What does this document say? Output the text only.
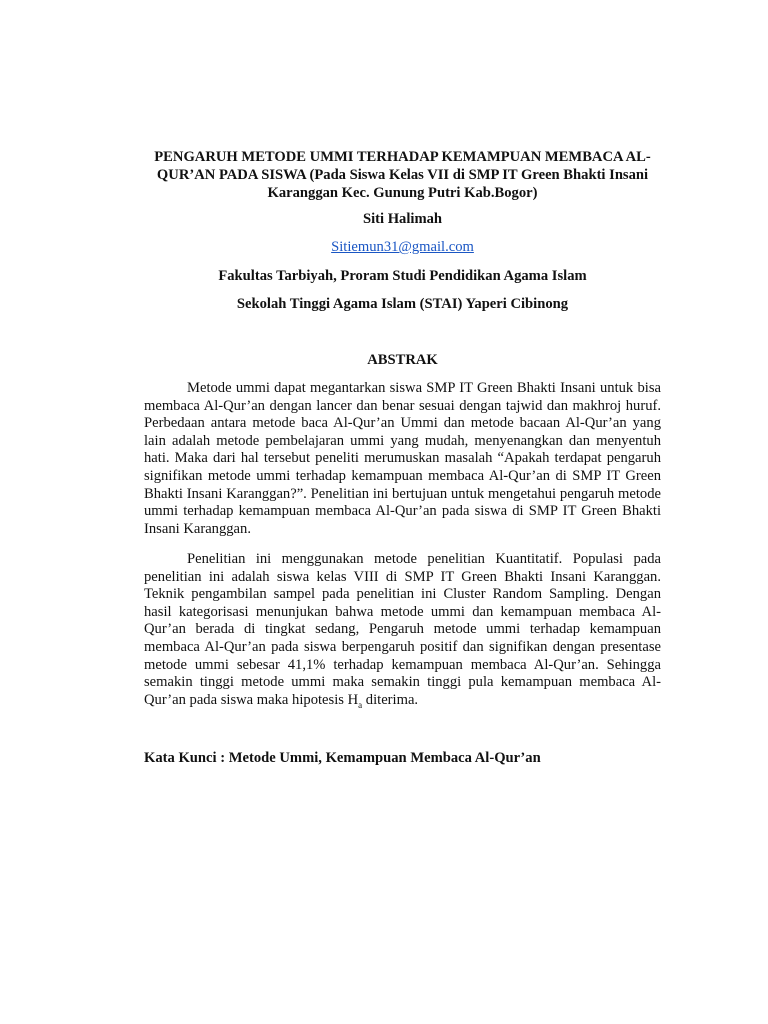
PENGARUH METODE UMMI TERHADAP KEMAMPUAN MEMBACA AL-QUR’AN PADA SISWA (Pada Siswa Kelas VII di SMP IT Green Bhakti Insani Karanggan Kec. Gunung Putri Kab.Bogor)
Siti Halimah
Sitiemun31@gmail.com
Fakultas Tarbiyah, Proram Studi Pendidikan Agama Islam
Sekolah Tinggi Agama Islam (STAI) Yaperi Cibinong
ABSTRAK

Metode ummi dapat megantarkan siswa SMP IT Green Bhakti Insani untuk bisa membaca Al-Qur’an dengan lancer dan benar sesuai dengan tajwid dan makhroj huruf. Perbedaan antara metode baca Al-Qur’an Ummi dan metode bacaan Al-Qur’an yang lain adalah metode pembelajaran ummi yang mudah, menyenangkan dan menyentuh hati. Maka dari hal tersebut peneliti merumuskan masalah “Apakah terdapat pengaruh signifikan metode ummi terhadap kemampuan membaca Al-Qur’an di SMP IT Green Bhakti Insani Karanggan?”. Penelitian ini bertujuan untuk mengetahui pengaruh metode ummi terhadap kemampuan membaca Al-Qur’an pada siswa di SMP IT Green Bhakti Insani Karanggan.

Penelitian ini menggunakan metode penelitian Kuantitatif. Populasi pada penelitian ini adalah siswa kelas VIII di SMP IT Green Bhakti Insani Karanggan. Teknik pengambilan sampel pada penelitian ini Cluster Random Sampling. Dengan hasil kategorisasi menunjukan bahwa metode ummi dan kemampuan membaca Al-Qur’an berada di tingkat sedang, Pengaruh metode ummi terhadap kemampuan membaca Al-Qur’an pada siswa berpengaruh positif dan signifikan dengan presentase metode ummi sebesar 41,1% terhadap kemampuan membaca Al-Qur’an. Sehingga semakin tinggi metode ummi maka semakin tinggi pula kemampuan membaca Al-Qur’an pada siswa maka hipotesis $H_a$ diterima.

Kata Kunci : Metode Ummi, Kemampuan Membaca Al-Qur’an
